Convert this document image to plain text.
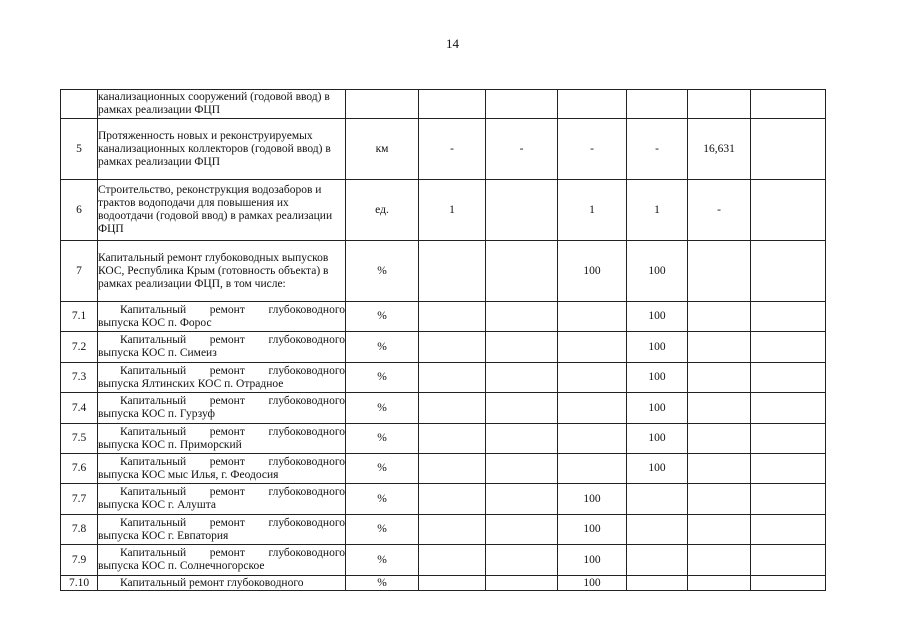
14
	канализационных сооружений (годовой ввод) в рамках реализации ФЦП							
5	Протяженность новых и реконструируемых канализационных коллекторов (годовой ввод) в рамках реализации ФЦП	км	-	-	-	-	16,631	
6	Строительство, реконструкция водозаборов и трактов водоподачи для повышения их водоотдачи (годовой ввод) в рамках реализации ФЦП	ед.	1		1	1	-	
7	Капитальный ремонт глубоководных выпусков КОС, Республика Крым (готовность объекта) в рамках реализации ФЦП, в том числе:	%			100	100		
7.1	Капитальный ремонт глубоководного выпуска КОС п. Форос	%				100		
7.2	Капитальный ремонт глубоководного выпуска КОС п. Симеиз	%				100		
7.3	Капитальный ремонт глубоководного выпуска Ялтинских КОС п. Отрадное	%				100		
7.4	Капитальный ремонт глубоководного выпуска КОС п. Гурзуф	%				100		
7.5	Капитальный ремонт глубоководного выпуска КОС п. Приморский	%				100		
7.6	Капитальный ремонт глубоководного выпуска КОС мыс Илья, г. Феодосия	%				100		
7.7	Капитальный ремонт глубоководного выпуска КОС г. Алушта	%			100			
7.8	Капитальный ремонт глубоководного выпуска КОС г. Евпатория	%			100			
7.9	Капитальный ремонт глубоководного выпуска КОС п. Солнечногорское	%			100			
7.10	Капитальный ремонт глубоководного	%			100			
